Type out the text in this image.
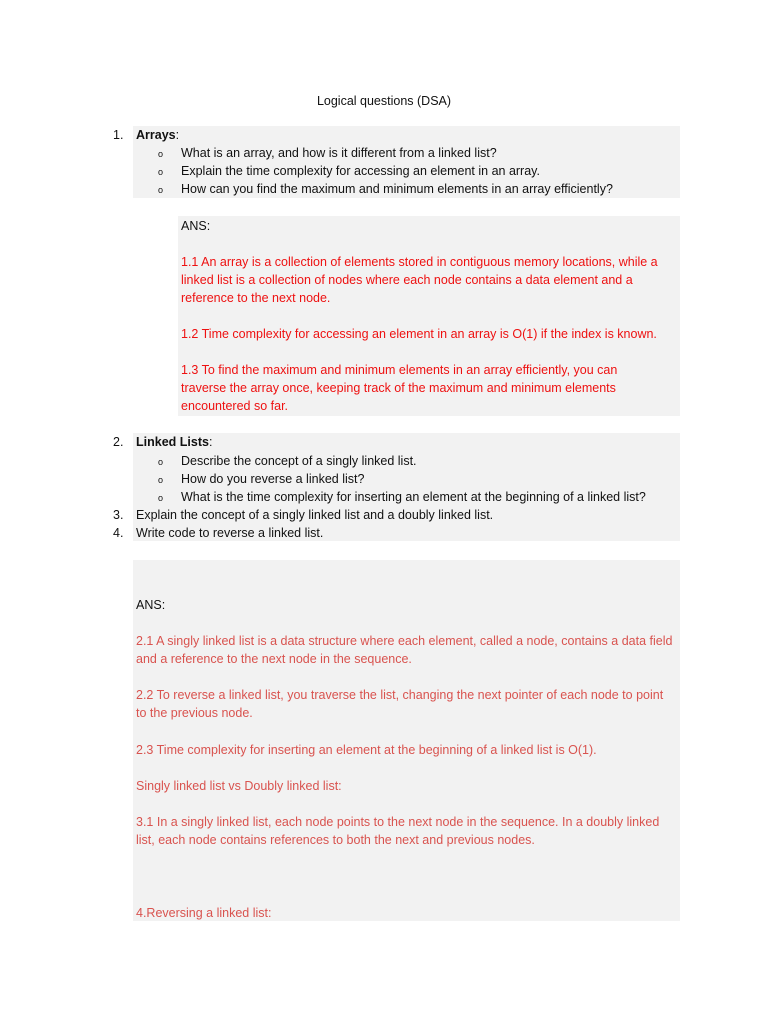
Logical questions (DSA)
1.	Arrays:
o What is an array, and how is it different from a linked list?
o Explain the time complexity for accessing an element in an array.
o How can you find the maximum and minimum elements in an array efficiently?
ANS:
1.1 An array is a collection of elements stored in contiguous memory locations, while a linked list is a collection of nodes where each node contains a data element and a reference to the next node.
1.2 Time complexity for accessing an element in an array is O(1) if the index is known.
1.3 To find the maximum and minimum elements in an array efficiently, you can traverse the array once, keeping track of the maximum and minimum elements encountered so far.
2.	Linked Lists:
o Describe the concept of a singly linked list.
o How do you reverse a linked list?
o What is the time complexity for inserting an element at the beginning of a linked list?
3.	Explain the concept of a singly linked list and a doubly linked list.
4.	Write code to reverse a linked list.
ANS:
2.1 A singly linked list is a data structure where each element, called a node, contains a data field and a reference to the next node in the sequence.
2.2 To reverse a linked list, you traverse the list, changing the next pointer of each node to point to the previous node.
2.3 Time complexity for inserting an element at the beginning of a linked list is O(1).
Singly linked list vs Doubly linked list:
3.1 In a singly linked list, each node points to the next node in the sequence. In a doubly linked list, each node contains references to both the next and previous nodes.
4.Reversing a linked list:
